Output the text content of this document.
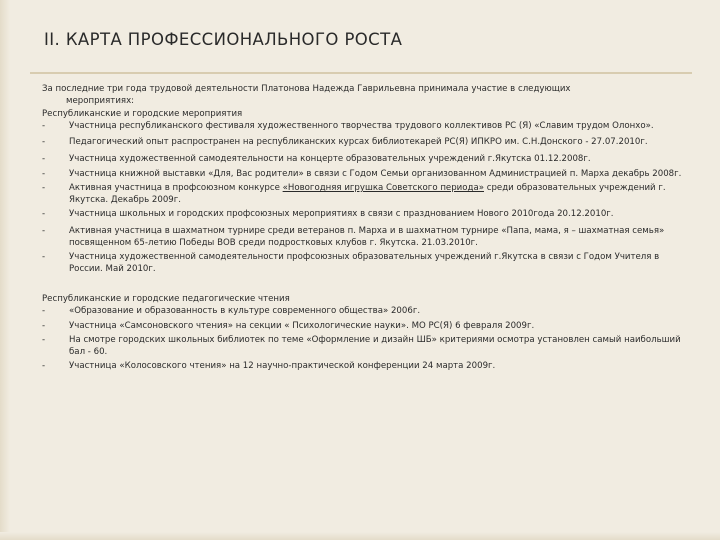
II. КАРТА ПРОФЕССИОНАЛЬНОГО РОСТА
За последние три года трудовой деятельности Платонова Надежда Гаврильевна принимала участие в следующих
мероприятиях:
Республиканские и городские мероприятия
-	Участница республиканского фестиваля художественного творчества трудового коллективов РС (Я) «Славим трудом Олонхо».
-	Педагогический опыт распространен на республиканских курсах библиотекарей РС(Я) ИПКРО им. С.Н.Донского - 27.07.2010г.
-	Участница художественной самодеятельности на концерте образовательных учреждений г.Якутска 01.12.2008г.
-	Участница книжной выставки «Для, Вас родители» в связи с Годом Семьи организованном Администрацией п. Марха декабрь 2008г.
-	Активная участница в профсоюзном конкурсе «Новогодняя игрушка Советского периода» среди образовательных учреждений г. Якутска. Декабрь 2009г.
-	Участница школьных и городских профсоюзных мероприятиях в связи с празднованием Нового 2010года 20.12.2010г.
-	Активная участница в шахматном турнире среди ветеранов п. Марха и в шахматном турнире «Папа, мама, я – шахматная семья» посвященном 65-летию Победы ВОВ среди подростковых клубов г. Якутска. 21.03.2010г.
-	Участница художественной самодеятельности профсоюзных образовательных учреждений г.Якутска в связи с Годом Учителя в России. Май 2010г.
Республиканские и городские педагогические чтения
-	«Образование и образованность в культуре современного общества» 2006г.
-	Участница «Самсоновского чтения» на секции « Психологические науки». МО РС(Я) 6 февраля 2009г.
-	На смотре городских школьных библиотек по теме «Оформление и дизайн ШБ» критериями осмотра установлен самый наибольший бал - 60.
-	Участница «Колосовского чтения» на 12 научно-практической конференции 24 марта 2009г.
